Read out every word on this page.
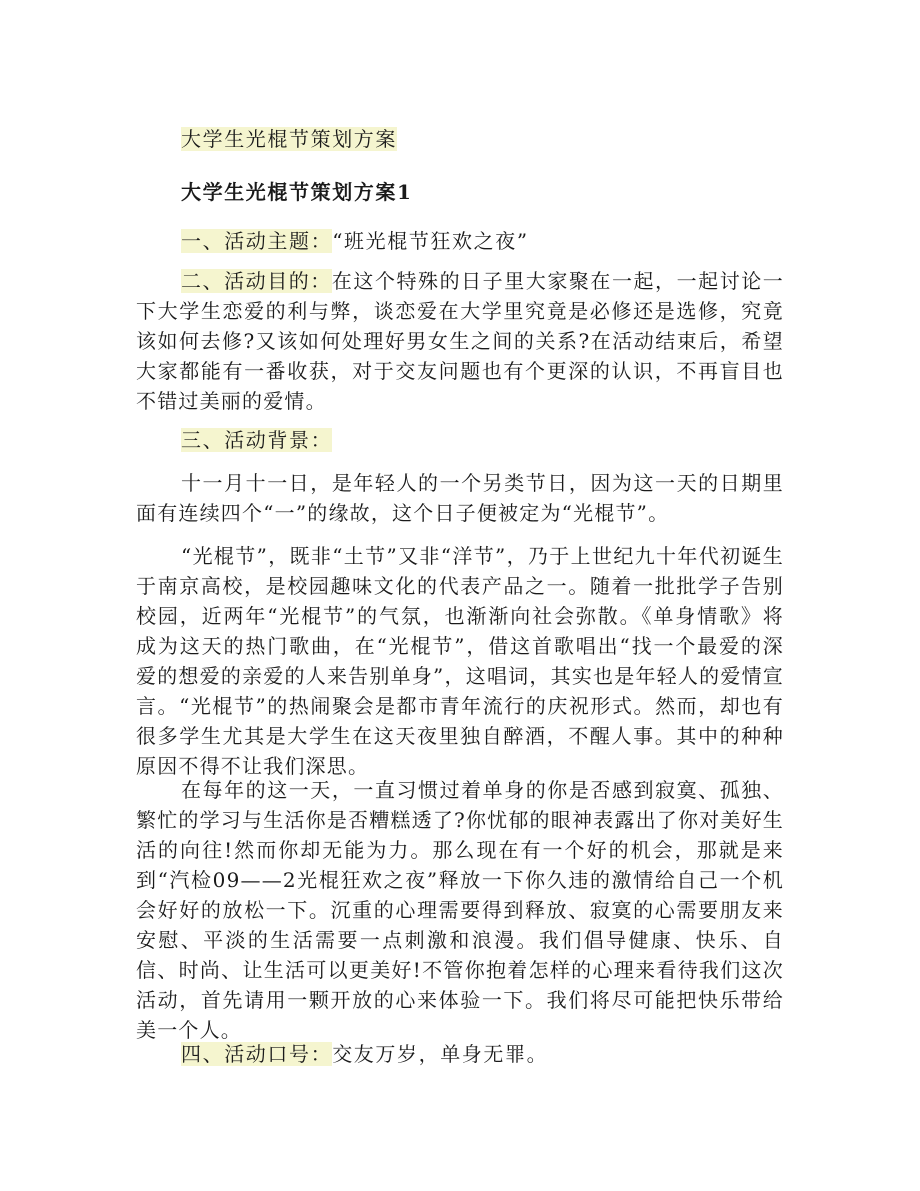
大学生光棍节策划方案
大学生光棍节策划方案1
一、活动主题：“班光棍节狂欢之夜”

二、活动目的：在这个特殊的日子里大家聚在一起，一起讨论一下大学生恋爱的利与弊，谈恋爱在大学里究竟是必修还是选修，究竟该如何去修?又该如何处理好男女生之间的关系?在活动结束后，希望大家都能有一番收获，对于交友问题也有个更深的认识，不再盲目也不错过美丽的爱情。

三、活动背景：

十一月十一日，是年轻人的一个另类节日，因为这一天的日期里面有连续四个“一”的缘故，这个日子便被定为“光棍节”。

“光棍节”，既非“土节”又非“洋节”，乃于上世纪九十年代初诞生于南京高校，是校园趣味文化的代表产品之一。随着一批批学子告别校园，近两年“光棍节”的气氛，也渐渐向社会弥散。《单身情歌》将成为这天的热门歌曲，在“光棍节”，借这首歌唱出“找一个最爱的深爱的想爱的亲爱的人来告别单身”，这唱词，其实也是年轻人的爱情宣言。“光棍节”的热闹聚会是都市青年流行的庆祝形式。然而，却也有很多学生尤其是大学生在这天夜里独自醉酒，不醒人事。其中的种种原因不得不让我们深思。

在每年的这一天，一直习惯过着单身的你是否感到寂寞、孤独、繁忙的学习与生活你是否糟糕透了?你忧郁的眼神表露出了你对美好生活的向往!然而你却无能为力。那么现在有一个好的机会，那就是来到“汽检09——2光棍狂欢之夜”释放一下你久违的激情给自己一个机会好好的放松一下。沉重的心理需要得到释放、寂寞的心需要朋友来安慰、平淡的生活需要一点刺激和浪漫。我们倡导健康、快乐、自信、时尚、让生活可以更美好!不管你抱着怎样的心理来看待我们这次活动，首先请用一颗开放的心来体验一下。我们将尽可能把快乐带给美一个人。

四、活动口号：交友万岁，单身无罪。
